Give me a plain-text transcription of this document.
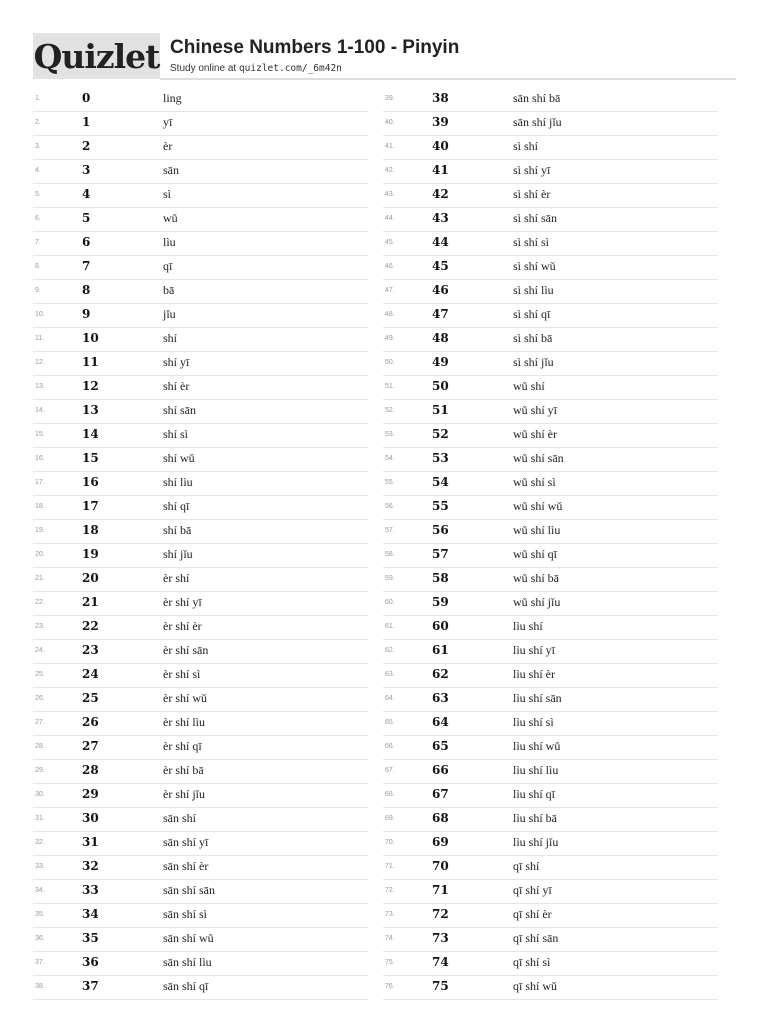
Quizlet Chinese Numbers 1-100 - Pinyin
Study online at quizlet.com/_6m42n
1.	0	ling
2.	1	yī
3.	2	èr
4.	3	sān
5.	4	sì
6.	5	wǔ
7.	6	lìu
8.	7	qī
9.	8	bā
10.	9	jǐu
11.	10	shí
12.	11	shí yī
13.	12	shí èr
14.	13	shí sān
15.	14	shí sì
16.	15	shí wǔ
17.	16	shí lìu
18.	17	shí qī
19.	18	shí bā
20.	19	shí jǐu
21.	20	èr shí
22.	21	èr shí yī
23.	22	èr shí èr
24.	23	èr shí sān
25.	24	èr shí sì
26.	25	èr shí wǔ
27.	26	èr shí lìu
28.	27	èr shí qī
29.	28	èr shí bā
30.	29	èr shí jǐu
31.	30	sān shí
32.	31	sān shí yī
33.	32	sān shí èr
34.	33	sān shí sān
35.	34	sān shí sì
36.	35	sān shí wǔ
37.	36	sān shí lìu
38.	37	sān shí qī
39.	38	sān shí bā
40.	39	sān shí jǐu
41.	40	sì shí
42.	41	sì shí yī
43.	42	sì shí èr
44.	43	sì shí sān
45.	44	sì shí sì
46.	45	sì shí wǔ
47.	46	sì shí lìu
48.	47	sì shí qī
49.	48	sì shí bā
50.	49	sì shí jǐu
51.	50	wǔ shí
52.	51	wǔ shí yī
53.	52	wǔ shí èr
54.	53	wǔ shí sān
55.	54	wǔ shí sì
56.	55	wǔ shí wǔ
57.	56	wǔ shí lìu
58.	57	wǔ shí qī
59.	58	wǔ shí bā
60.	59	wǔ shí jǐu
61.	60	lìu shí
62.	61	lìu shí yī
63.	62	lìu shí èr
64.	63	lìu shí sān
65.	64	lìu shí sì
66.	65	lìu shí wǔ
67.	66	lìu shí lìu
68.	67	lìu shí qī
69.	68	lìu shí bā
70.	69	lìu shí jǐu
71.	70	qī shí
72.	71	qī shí yī
73.	72	qī shí èr
74.	73	qī shí sān
75.	74	qī shí sì
76.	75	qī shí wǔ
